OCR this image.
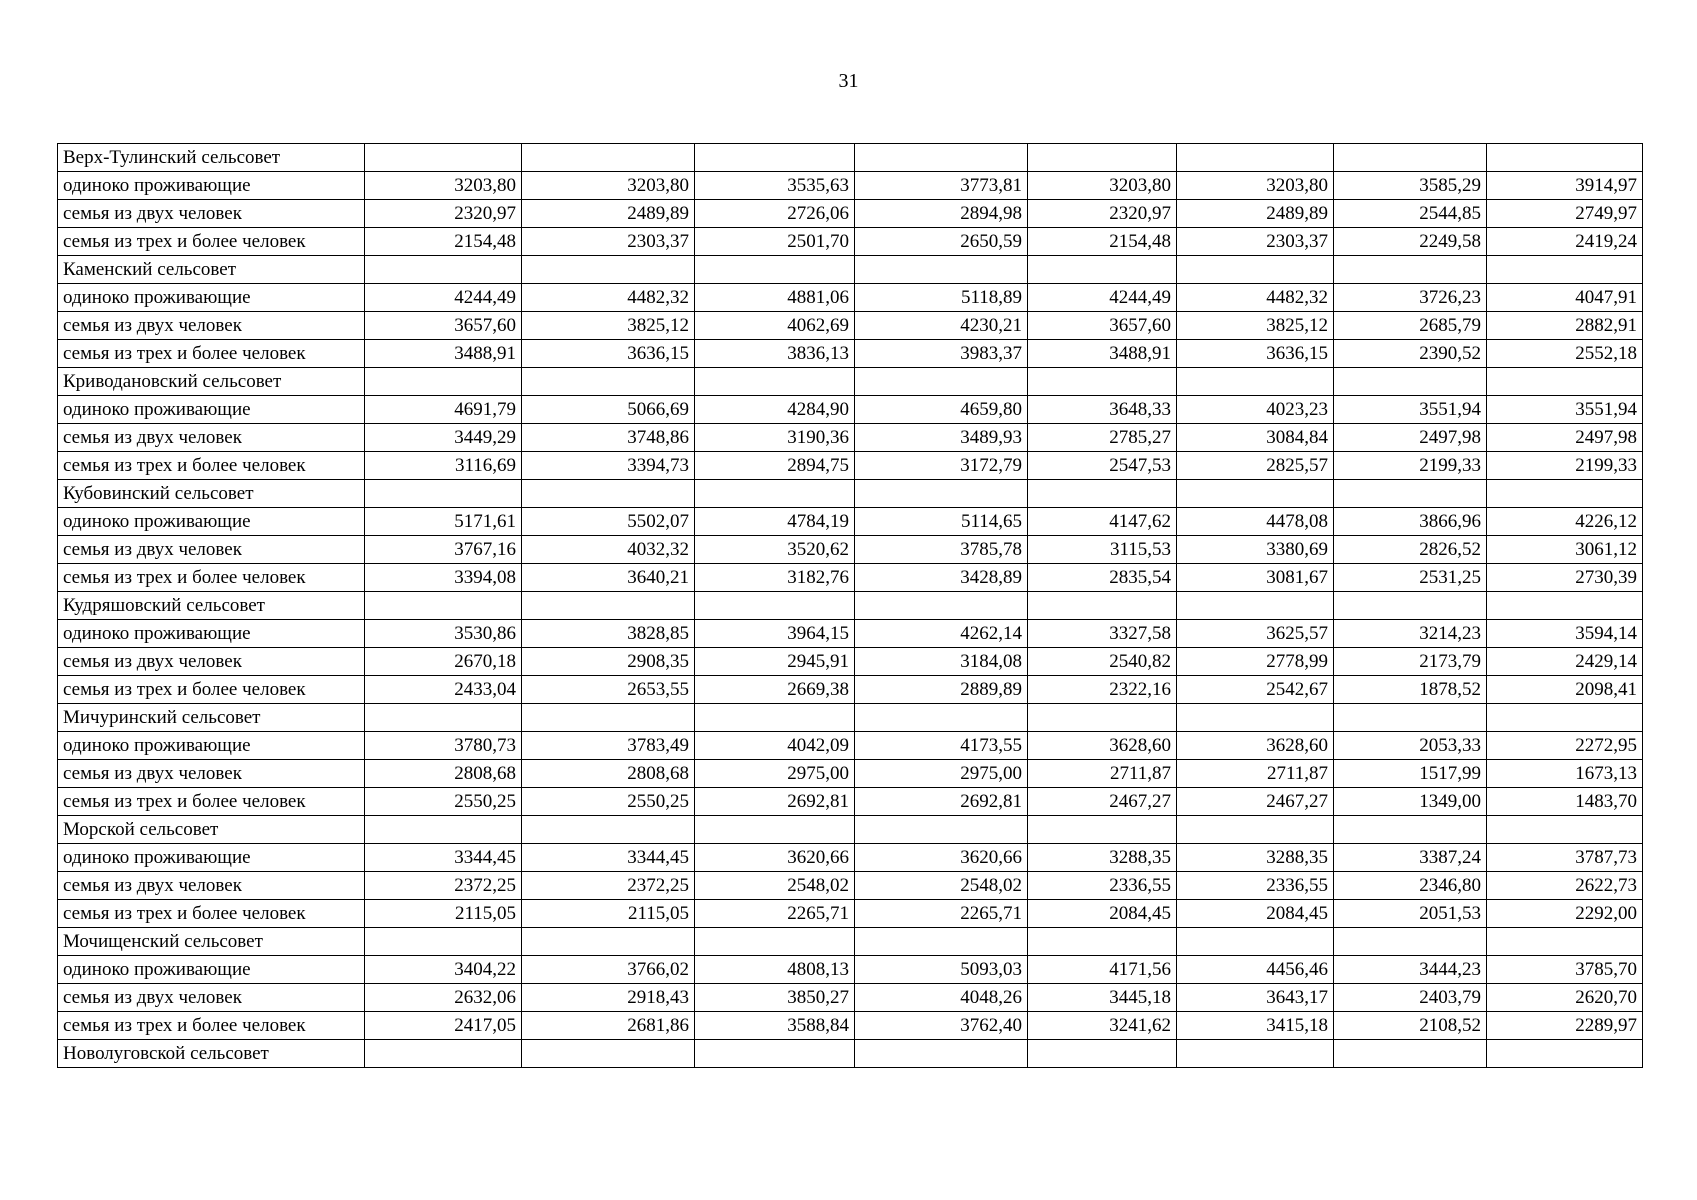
31
Верх-Тулинский сельсовет								
одиноко проживающие	3203,80	3203,80	3535,63	3773,81	3203,80	3203,80	3585,29	3914,97
семья из двух человек	2320,97	2489,89	2726,06	2894,98	2320,97	2489,89	2544,85	2749,97
семья из трех и более человек	2154,48	2303,37	2501,70	2650,59	2154,48	2303,37	2249,58	2419,24
Каменский сельсовет								
одиноко проживающие	4244,49	4482,32	4881,06	5118,89	4244,49	4482,32	3726,23	4047,91
семья из двух человек	3657,60	3825,12	4062,69	4230,21	3657,60	3825,12	2685,79	2882,91
семья из трех и более человек	3488,91	3636,15	3836,13	3983,37	3488,91	3636,15	2390,52	2552,18
Криводановский сельсовет								
одиноко проживающие	4691,79	5066,69	4284,90	4659,80	3648,33	4023,23	3551,94	3551,94
семья из двух человек	3449,29	3748,86	3190,36	3489,93	2785,27	3084,84	2497,98	2497,98
семья из трех и более человек	3116,69	3394,73	2894,75	3172,79	2547,53	2825,57	2199,33	2199,33
Кубовинский сельсовет								
одиноко проживающие	5171,61	5502,07	4784,19	5114,65	4147,62	4478,08	3866,96	4226,12
семья из двух человек	3767,16	4032,32	3520,62	3785,78	3115,53	3380,69	2826,52	3061,12
семья из трех и более человек	3394,08	3640,21	3182,76	3428,89	2835,54	3081,67	2531,25	2730,39
Кудряшовский сельсовет								
одиноко проживающие	3530,86	3828,85	3964,15	4262,14	3327,58	3625,57	3214,23	3594,14
семья из двух человек	2670,18	2908,35	2945,91	3184,08	2540,82	2778,99	2173,79	2429,14
семья из трех и более человек	2433,04	2653,55	2669,38	2889,89	2322,16	2542,67	1878,52	2098,41
Мичуринский сельсовет								
одиноко проживающие	3780,73	3783,49	4042,09	4173,55	3628,60	3628,60	2053,33	2272,95
семья из двух человек	2808,68	2808,68	2975,00	2975,00	2711,87	2711,87	1517,99	1673,13
семья из трех и более человек	2550,25	2550,25	2692,81	2692,81	2467,27	2467,27	1349,00	1483,70
Морской сельсовет								
одиноко проживающие	3344,45	3344,45	3620,66	3620,66	3288,35	3288,35	3387,24	3787,73
семья из двух человек	2372,25	2372,25	2548,02	2548,02	2336,55	2336,55	2346,80	2622,73
семья из трех и более человек	2115,05	2115,05	2265,71	2265,71	2084,45	2084,45	2051,53	2292,00
Мочищенский сельсовет								
одиноко проживающие	3404,22	3766,02	4808,13	5093,03	4171,56	4456,46	3444,23	3785,70
семья из двух человек	2632,06	2918,43	3850,27	4048,26	3445,18	3643,17	2403,79	2620,70
семья из трех и более человек	2417,05	2681,86	3588,84	3762,40	3241,62	3415,18	2108,52	2289,97
Новолуговской сельсовет								
